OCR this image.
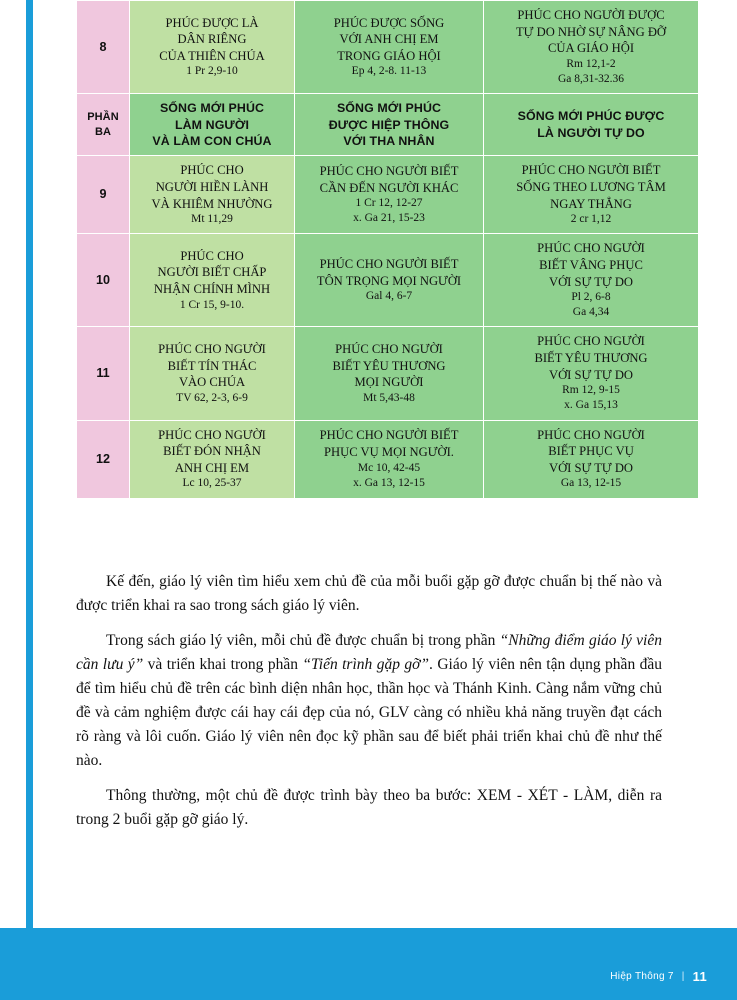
8	PHÚC ĐƯỢC LÀ
DÂN RIÊNG
CỦA THIÊN CHÚA
1 Pr 2,9-10	PHÚC ĐƯỢC SỐNG
VỚI ANH CHỊ EM
TRONG GIÁO HỘI
Ep 4, 2-8. 11-13	PHÚC CHO NGƯỜI ĐƯỢC
TỰ DO NHỜ SỰ NÂNG ĐỠ
CỦA GIÁO HỘI
Rm 12,1-2
Ga 8,31-32.36

PHẦN
BA	SỐNG MỚI PHÚC
LÀM NGƯỜI
VÀ LÀM CON CHÚA	SỐNG MỚI PHÚC
ĐƯỢC HIỆP THÔNG
VỚI THA NHÂN	SỐNG MỚI PHÚC ĐƯỢC
LÀ NGƯỜI TỰ DO

9	PHÚC CHO
NGƯỜI HIỀN LÀNH
VÀ KHIÊM NHƯỜNG
Mt 11,29	PHÚC CHO NGƯỜI BIẾT
CẦN ĐẾN NGƯỜI KHÁC
1 Cr 12, 12-27
x. Ga 21, 15-23	PHÚC CHO NGƯỜI BIẾT
SỐNG THEO LƯƠNG TÂM
NGAY THẲNG
2 cr 1,12

10	PHÚC CHO
NGƯỜI BIẾT CHẤP
NHẬN CHÍNH MÌNH
1 Cr 15, 9-10.	PHÚC CHO NGƯỜI BIẾT
TÔN TRỌNG MỌI NGƯỜI
Gal 4, 6-7	PHÚC CHO NGƯỜI
BIẾT VÂNG PHỤC
VỚI SỰ TỰ DO
Pl 2, 6-8
Ga 4,34

11	PHÚC CHO NGƯỜI
BIẾT TÍN THÁC
VÀO CHÚA
TV 62, 2-3, 6-9	PHÚC CHO NGƯỜI
BIẾT YÊU THƯƠNG
MỌI NGƯỜI
Mt 5,43-48	PHÚC CHO NGƯỜI
BIẾT YÊU THƯƠNG
VỚI SỰ TỰ DO
Rm 12, 9-15
x. Ga 15,13

12	PHÚC CHO NGƯỜI
BIẾT ĐÓN NHẬN
ANH CHỊ EM
Lc 10, 25-37	PHÚC CHO NGƯỜI BIẾT
PHỤC VỤ MỌI NGƯỜI.
Mc 10, 42-45
x. Ga 13, 12-15	PHÚC CHO NGƯỜI
BIẾT PHỤC VỤ
VỚI SỰ TỰ DO
Ga 13, 12-15

Kế đến, giáo lý viên tìm hiểu xem chủ đề của mỗi buổi gặp gỡ được chuẩn bị thế nào và được triển khai ra sao trong sách giáo lý viên.

Trong sách giáo lý viên, mỗi chủ đề được chuẩn bị trong phần “Những điểm giáo lý viên cần lưu ý” và triển khai trong phần “Tiến trình gặp gỡ”. Giáo lý viên nên tận dụng phần đầu để tìm hiểu chủ đề trên các bình diện nhân học, thần học và Thánh Kinh. Càng nắm vững chủ đề và cảm nghiệm được cái hay cái đẹp của nó, GLV càng có nhiều khả năng truyền đạt cách rõ ràng và lôi cuốn. Giáo lý viên nên đọc kỹ phần sau để biết phải triển khai chủ đề như thế nào.

Thông thường, một chủ đề được trình bày theo ba bước: XEM - XÉT - LÀM, diễn ra trong 2 buổi gặp gỡ giáo lý.

Hiệp Thông 7 | 11
